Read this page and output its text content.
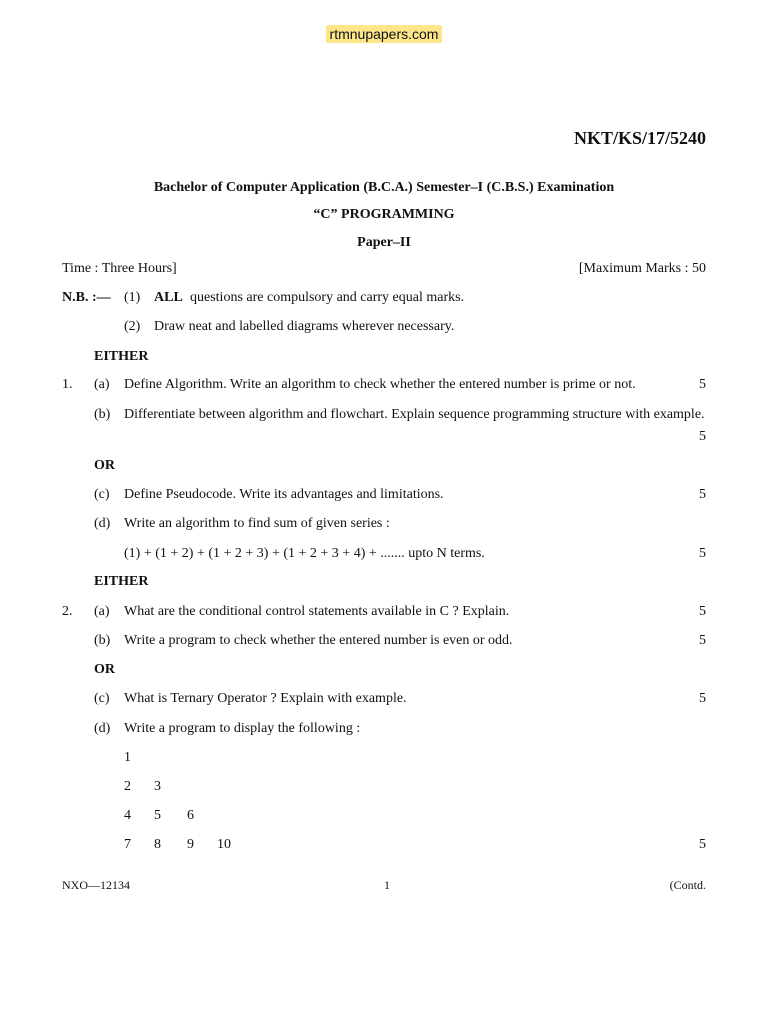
rtmnupapers.com
NKT/KS/17/5240
Bachelor of Computer Application (B.C.A.) Semester–I (C.B.S.) Examination
“C” PROGRAMMING
Paper–II
Time : Three Hours]	[Maximum Marks : 50
N.B. :— (1) ALL questions are compulsory and carry equal marks.
(2) Draw neat and labelled diagrams wherever necessary.
EITHER
1. (a) Define Algorithm. Write an algorithm to check whether the entered number is prime or not.	5
(b) Differentiate between algorithm and flowchart. Explain sequence programming structure with example.
5
OR
(c) Define Pseudocode. Write its advantages and limitations.	5
(d) Write an algorithm to find sum of given series :
(1) + (1 + 2) + (1 + 2 + 3) + (1 + 2 + 3 + 4) + ....... upto N terms.	5
EITHER
2. (a) What are the conditional control statements available in C ? Explain.	5
(b) Write a program to check whether the entered number is even or odd.	5
OR
(c) What is Ternary Operator ? Explain with example.	5
(d) Write a program to display the following :
1
2 3
4 5 6
7 8 9 10	5
NXO—12134	1	(Contd.
